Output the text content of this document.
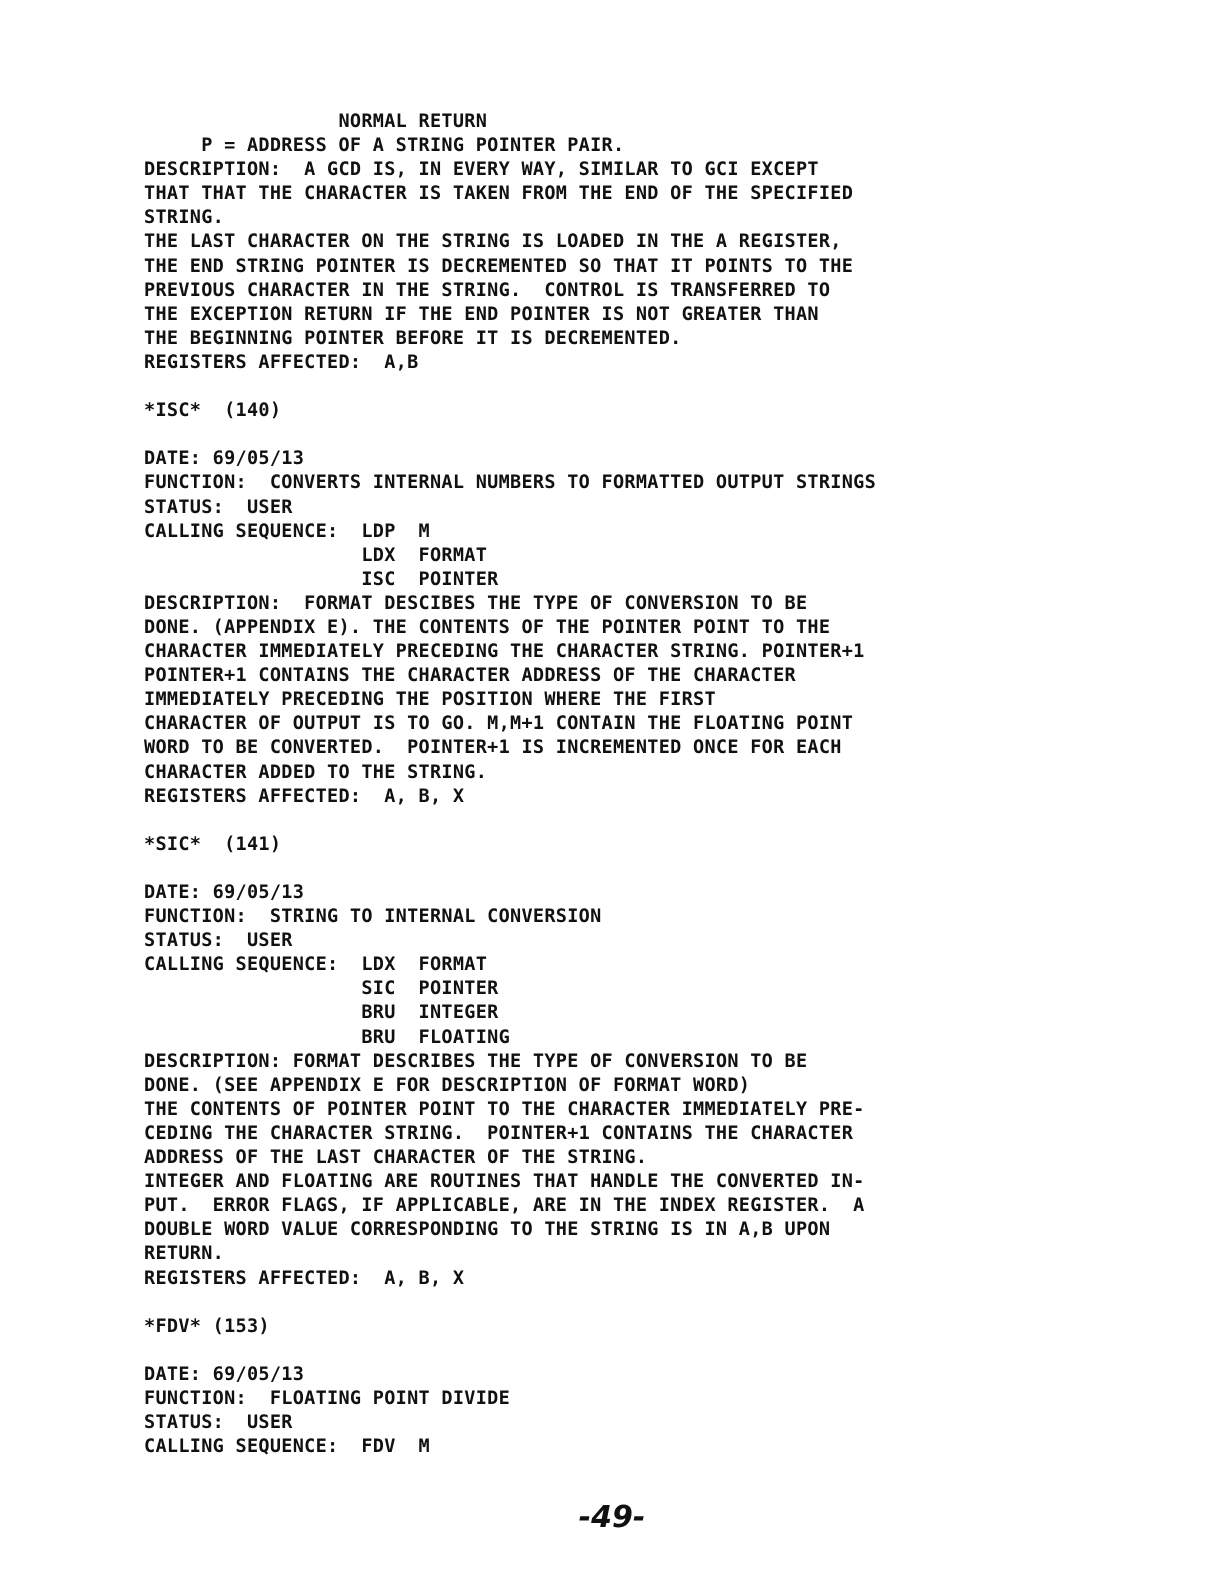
NORMAL RETURN
P = ADDRESS OF A STRING POINTER PAIR.
DESCRIPTION:  A GCD IS, IN EVERY WAY, SIMILAR TO GCI EXCEPT
THAT THAT THE CHARACTER IS TAKEN FROM THE END OF THE SPECIFIED
STRING.
THE LAST CHARACTER ON THE STRING IS LOADED IN THE A REGISTER,
THE END STRING POINTER IS DECREMENTED SO THAT IT POINTS TO THE
PREVIOUS CHARACTER IN THE STRING.  CONTROL IS TRANSFERRED TO
THE EXCEPTION RETURN IF THE END POINTER IS NOT GREATER THAN
THE BEGINNING POINTER BEFORE IT IS DECREMENTED.
REGISTERS AFFECTED:  A,B
*ISC*  (140)
DATE: 69/05/13
FUNCTION:  CONVERTS INTERNAL NUMBERS TO FORMATTED OUTPUT STRINGS
STATUS:  USER
CALLING SEQUENCE:  LDP  M
LDX  FORMAT
ISC  POINTER
DESCRIPTION:  FORMAT DESCIBES THE TYPE OF CONVERSION TO BE
DONE. (APPENDIX E). THE CONTENTS OF THE POINTER POINT TO THE
CHARACTER IMMEDIATELY PRECEDING THE CHARACTER STRING. POINTER+1
POINTER+1 CONTAINS THE CHARACTER ADDRESS OF THE CHARACTER
IMMEDIATELY PRECEDING THE POSITION WHERE THE FIRST
CHARACTER OF OUTPUT IS TO GO. M,M+1 CONTAIN THE FLOATING POINT
WORD TO BE CONVERTED.  POINTER+1 IS INCREMENTED ONCE FOR EACH
CHARACTER ADDED TO THE STRING.
REGISTERS AFFECTED:  A, B, X
*SIC*  (141)
DATE: 69/05/13
FUNCTION:  STRING TO INTERNAL CONVERSION
STATUS:  USER
CALLING SEQUENCE:  LDX  FORMAT
SIC  POINTER
BRU  INTEGER
BRU  FLOATING
DESCRIPTION: FORMAT DESCRIBES THE TYPE OF CONVERSION TO BE
DONE. (SEE APPENDIX E FOR DESCRIPTION OF FORMAT WORD)
THE CONTENTS OF POINTER POINT TO THE CHARACTER IMMEDIATELY PRE-
CEDING THE CHARACTER STRING.  POINTER+1 CONTAINS THE CHARACTER
ADDRESS OF THE LAST CHARACTER OF THE STRING.
INTEGER AND FLOATING ARE ROUTINES THAT HANDLE THE CONVERTED IN-
PUT.  ERROR FLAGS, IF APPLICABLE, ARE IN THE INDEX REGISTER.  A
DOUBLE WORD VALUE CORRESPONDING TO THE STRING IS IN A,B UPON
RETURN.
REGISTERS AFFECTED:  A, B, X
*FDV* (153)
DATE: 69/05/13
FUNCTION:  FLOATING POINT DIVIDE
STATUS:  USER
CALLING SEQUENCE:  FDV  M
-49-
